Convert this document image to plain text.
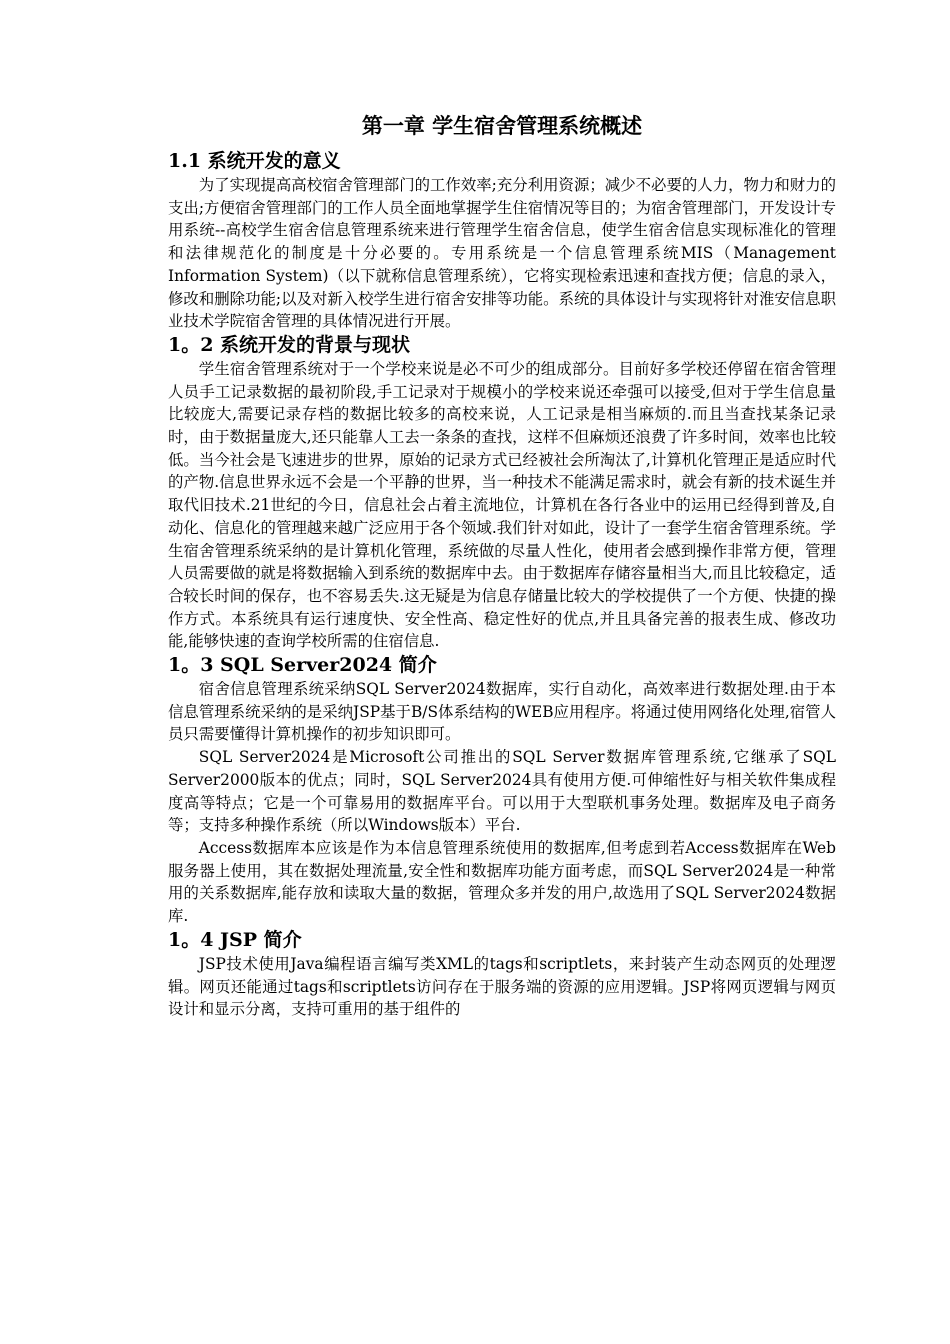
第一章 学生宿舍管理系统概述
1.1 系统开发的意义

为了实现提高高校宿舍管理部门的工作效率;充分利用资源；减少不必要的人力，物力和财力的支出;方便宿舍管理部门的工作人员全面地掌握学生住宿情况等目的；为宿舍管理部门，开发设计专用系统--高校学生宿舍信息管理系统来进行管理学生宿舍信息，使学生宿舍信息实现标准化的管理和法律规范化的制度是十分必要的。专用系统是一个信息管理系统MIS（Management Information System)（以下就称信息管理系统），它将实现检索迅速和查找方便；信息的录入，修改和删除功能;以及对新入校学生进行宿舍安排等功能。系统的具体设计与实现将针对淮安信息职业技术学院宿舍管理的具体情况进行开展。

1。2 系统开发的背景与现状

学生宿舍管理系统对于一个学校来说是必不可少的组成部分。目前好多学校还停留在宿舍管理人员手工记录数据的最初阶段,手工记录对于规模小的学校来说还牵强可以接受,但对于学生信息量比较庞大,需要记录存档的数据比较多的高校来说，人工记录是相当麻烦的.而且当查找某条记录时，由于数据量庞大,还只能靠人工去一条条的查找，这样不但麻烦还浪费了许多时间，效率也比较低。当今社会是飞速进步的世界，原始的记录方式已经被社会所淘汰了,计算机化管理正是适应时代的产物.信息世界永远不会是一个平静的世界，当一种技术不能满足需求时，就会有新的技术诞生并取代旧技术.21世纪的今日，信息社会占着主流地位，计算机在各行各业中的运用已经得到普及,自动化、信息化的管理越来越广泛应用于各个领域.我们针对如此，设计了一套学生宿舍管理系统。学生宿舍管理系统采纳的是计算机化管理，系统做的尽量人性化，使用者会感到操作非常方便，管理人员需要做的就是将数据输入到系统的数据库中去。由于数据库存储容量相当大,而且比较稳定，适合较长时间的保存，也不容易丢失.这无疑是为信息存储量比较大的学校提供了一个方便、快捷的操作方式。本系统具有运行速度快、安全性高、稳定性好的优点,并且具备完善的报表生成、修改功能,能够快速的查询学校所需的住宿信息.

1。3 SQL Server2024 简介

宿舍信息管理系统采纳SQL Server2024数据库，实行自动化，高效率进行数据处理.由于本信息管理系统采纳的是采纳JSP基于B/S体系结构的WEB应用程序。将通过使用网络化处理,宿管人员只需要懂得计算机操作的初步知识即可。

SQL Server2024是Microsoft公司推出的SQL Server数据库管理系统,它继承了SQL Server2000版本的优点；同时，SQL Server2024具有使用方便.可伸缩性好与相关软件集成程度高等特点；它是一个可靠易用的数据库平台。可以用于大型联机事务处理。数据库及电子商务等；支持多种操作系统（所以Windows版本）平台.

Access数据库本应该是作为本信息管理系统使用的数据库,但考虑到若Access数据库在Web服务器上使用，其在数据处理流量,安全性和数据库功能方面考虑，而SQL Server2024是一种常用的关系数据库,能存放和读取大量的数据，管理众多并发的用户,故选用了SQL Server2024数据库.

1。4 JSP 简介

JSP技术使用Java编程语言编写类XML的tags和scriptlets，来封装产生动态网页的处理逻辑。网页还能通过tags和scriptlets访问存在于服务端的资源的应用逻辑。JSP将网页逻辑与网页设计和显示分离，支持可重用的基于组件的
